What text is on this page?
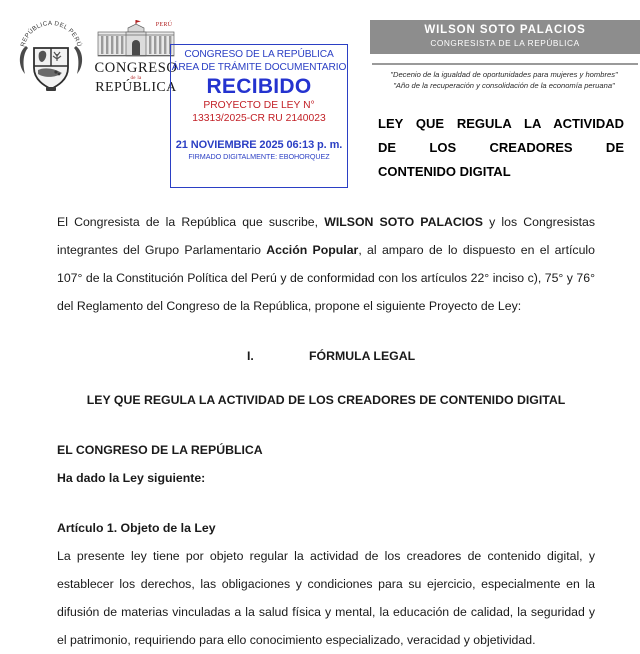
REPÚBLICA DEL PERÚ
PERÚ
CONGRESO
de la
REPÚBLICA
CONGRESO DE LA REPÚBLICA
ÁREA DE TRÁMITE DOCUMENTARIO
RECIBIDO
PROYECTO DE LEY N°
13313/2025-CR RU 2140023
21 NOVIEMBRE 2025 06:13 p. m.
FIRMADO DIGITALMENTE: EBOHORQUEZ
WILSON SOTO PALACIOS
CONGRESISTA DE LA REPÚBLICA
"Decenio de la igualdad de oportunidades para mujeres y hombres"
"Año de la recuperación y consolidación de la economía peruana"
LEY QUE REGULA LA ACTIVIDAD
DE LOS CREADORES DE
CONTENIDO DIGITAL

El Congresista de la República que suscribe, WILSON SOTO PALACIOS y los Congresistas integrantes del Grupo Parlamentario Acción Popular, al amparo de lo dispuesto en el artículo 107° de la Constitución Política del Perú y de conformidad con los artículos 22° inciso c), 75° y 76° del Reglamento del Congreso de la República, propone el siguiente Proyecto de Ley:

I.	FÓRMULA LEGAL
LEY QUE REGULA LA ACTIVIDAD DE LOS CREADORES DE CONTENIDO DIGITAL
EL CONGRESO DE LA REPÚBLICA
Ha dado la Ley siguiente:
Artículo 1. Objeto de la Ley

La presente ley tiene por objeto regular la actividad de los creadores de contenido digital, y establecer los derechos, las obligaciones y condiciones para su ejercicio, especialmente en la difusión de materias vinculadas a la salud física y mental, la educación de calidad, la seguridad y el patrimonio, requiriendo para ello conocimiento especializado, veracidad y objetividad.
